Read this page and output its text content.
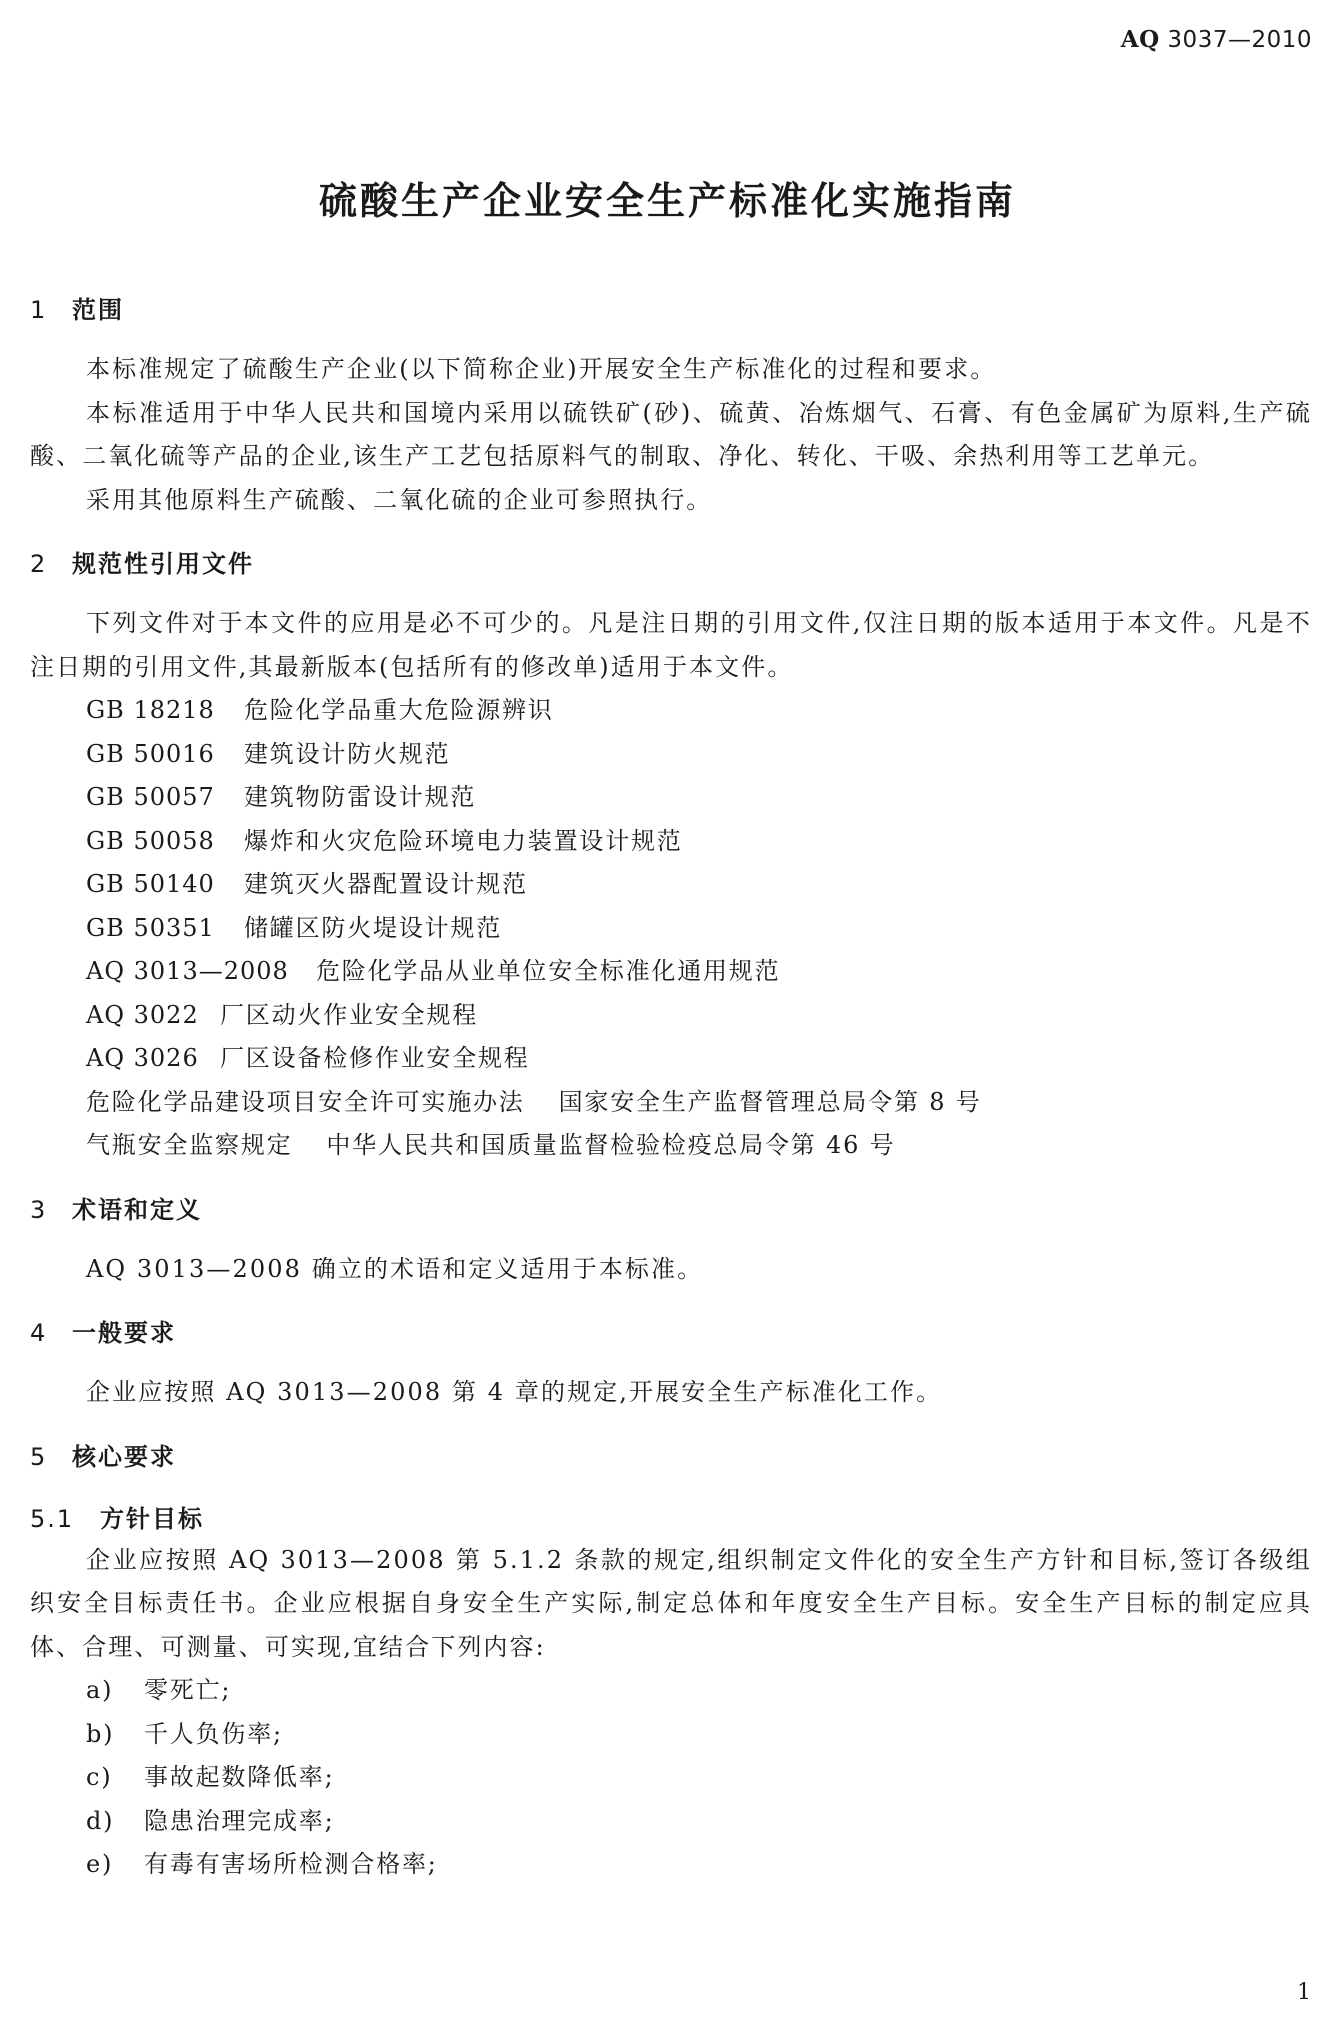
AQ 3037—2010
硫酸生产企业安全生产标准化实施指南
1 范围
本标准规定了硫酸生产企业(以下简称企业)开展安全生产标准化的过程和要求。
本标准适用于中华人民共和国境内采用以硫铁矿(砂)、硫黄、冶炼烟气、石膏、有色金属矿为原料,生产硫酸、二氧化硫等产品的企业,该生产工艺包括原料气的制取、净化、转化、干吸、余热利用等工艺单元。
采用其他原料生产硫酸、二氧化硫的企业可参照执行。
2 规范性引用文件
下列文件对于本文件的应用是必不可少的。凡是注日期的引用文件,仅注日期的版本适用于本文件。凡是不注日期的引用文件,其最新版本(包括所有的修改单)适用于本文件。
GB 18218 危险化学品重大危险源辨识
GB 50016 建筑设计防火规范
GB 50057 建筑物防雷设计规范
GB 50058 爆炸和火灾危险环境电力装置设计规范
GB 50140 建筑灭火器配置设计规范
GB 50351 储罐区防火堤设计规范
AQ 3013—2008 危险化学品从业单位安全标准化通用规范
AQ 3022 厂区动火作业安全规程
AQ 3026 厂区设备检修作业安全规程
危险化学品建设项目安全许可实施办法 国家安全生产监督管理总局令第 8 号
气瓶安全监察规定 中华人民共和国质量监督检验检疫总局令第 46 号
3 术语和定义
AQ 3013—2008 确立的术语和定义适用于本标准。
4 一般要求
企业应按照 AQ 3013—2008 第 4 章的规定,开展安全生产标准化工作。
5 核心要求
5.1 方针目标
企业应按照 AQ 3013—2008 第 5.1.2 条款的规定,组织制定文件化的安全生产方针和目标,签订各级组织安全目标责任书。企业应根据自身安全生产实际,制定总体和年度安全生产目标。安全生产目标的制定应具体、合理、可测量、可实现,宜结合下列内容:
a) 零死亡;
b) 千人负伤率;
c) 事故起数降低率;
d) 隐患治理完成率;
e) 有毒有害场所检测合格率;
1
